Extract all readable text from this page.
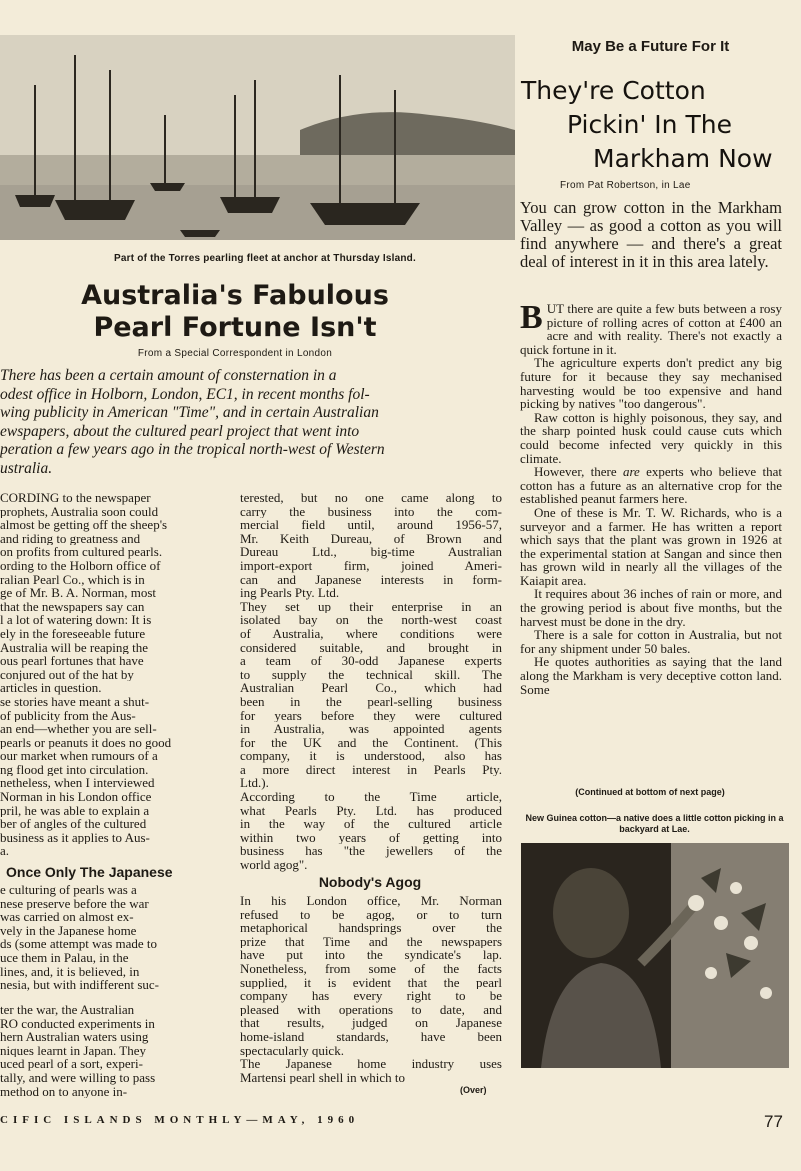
Part of the Torres pearling fleet at anchor at Thursday Island.
May Be a Future For It
They're Cotton
Pickin' In The
Markham Now
From Pat Robertson, in Lae
You can grow cotton in the Markham Valley — as good a cotton as you will find anywhere — and there's a great deal of interest in it in this area lately.

BUT there are quite a few buts between a rosy picture of rolling acres of cotton at £400 an acre and with reality. There's not exactly a quick fortune in it.

The agriculture experts don't predict any big future for it because they say mechanised harvesting would be too expensive and hand picking by natives "too dangerous".

Raw cotton is highly poisonous, they say, and the sharp pointed husk could cause cuts which could become infected very quickly in this climate.

However, there are experts who believe that cotton has a future as an alternative crop for the established peanut farmers here.

One of these is Mr. T. W. Richards, who is a surveyor and a farmer. He has written a report which says that the plant was grown in 1926 at the experimental station at Sangan and since then has grown wild in nearly all the villages of the Kaiapit area.

It requires about 36 inches of rain or more, and the growing period is about five months, but the harvest must be done in the dry.

There is a sale for cotton in Australia, but not for any shipment under 50 bales.

He quotes authorities as saying that the land along the Markham is very deceptive cotton land. Some

(Continued at bottom of next page)
New Guinea cotton—a native does a little cotton picking in a backyard at Lae.
Australia's Fabulous
Pearl Fortune Isn't
From a Special Correspondent in London
There has been a certain amount of consternation in a
odest office in Holborn, London, EC1, in recent months fol-
wing publicity in American "Time", and in certain Australian
ewspapers, about the cultured pearl project that went into
peration a few years ago in the tropical north-west of Western
ustralia.
CORDING to the newspaper
prophets, Australia soon could
almost be getting off the sheep's
and riding to greatness and
on profits from cultured pearls.
ording to the Holborn office of
ralian Pearl Co., which is in
ge of Mr. B. A. Norman, most
that the newspapers say can
l a lot of watering down: It is
ely in the foreseeable future
Australia will be reaping the
ous pearl fortunes that have
conjured out of the hat by
articles in question.
se stories have meant a shut-
of publicity from the Aus-
an end—whether you are sell-
pearls or peanuts it does no good
our market when rumours of a
ng flood get into circulation.
netheless, when I interviewed
Norman in his London office
pril, he was able to explain a
ber of angles of the cultured
business as it applies to Aus-
a.
Once Only The Japanese
e culturing of pearls was a
nese preserve before the war
was carried on almost ex-
vely in the Japanese home
ds (some attempt was made to
uce them in Palau, in the
lines, and, it is believed, in
nesia, but with indifferent suc-
ter the war, the Australian
RO conducted experiments in
hern Australian waters using
niques learnt in Japan. They
uced pearl of a sort, experi-
tally, and were willing to pass
method on to anyone in-
terested, but no one came along to
carry the business into the com-
mercial field until, around 1956-57,
Mr. Keith Dureau, of Brown and
Dureau Ltd., big-time Australian
import-export firm, joined Ameri-
can and Japanese interests in form-
ing Pearls Pty. Ltd.
They set up their enterprise in an
isolated bay on the north-west coast
of Australia, where conditions were
considered suitable, and brought in
a team of 30-odd Japanese experts
to supply the technical skill. The
Australian Pearl Co., which had
been in the pearl-selling business
for years before they were cultured
in Australia, was appointed agents
for the UK and the Continent. (This
company, it is understood, also has
a more direct interest in Pearls Pty.
Ltd.).
According to the Time article,
what Pearls Pty. Ltd. has produced
in the way of the cultured article
within two years of getting into
business has "the jewellers of the
world agog".
Nobody's Agog
In his London office, Mr. Norman
refused to be agog, or to turn
metaphorical handsprings over the
prize that Time and the newspapers
have put into the syndicate's lap.
Nonetheless, from some of the facts
supplied, it is evident that the pearl
company has every right to be
pleased with operations to date, and
that results, judged on Japanese
home-island standards, have been
spectacularly quick.
The Japanese home industry uses
Martensi pearl shell in which to
(Over)
CIFIC ISLANDS MONTHLY—MAY, 1960	77
